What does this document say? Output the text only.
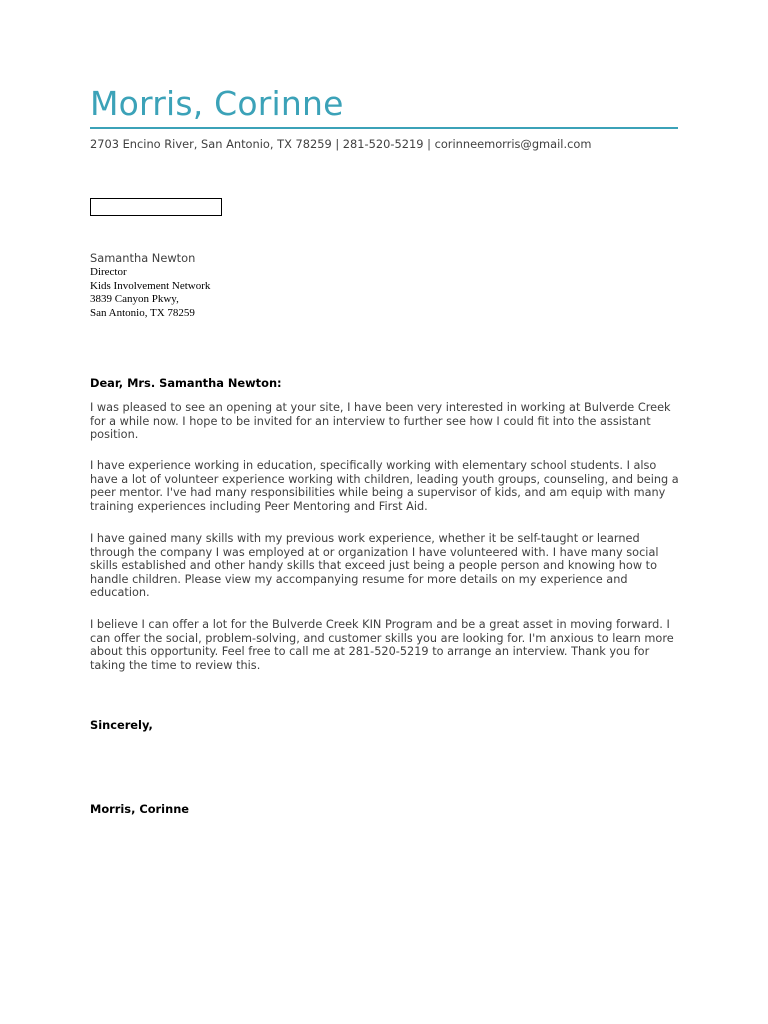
Morris, Corinne
2703 Encino River, San Antonio, TX 78259 | 281-520-5219 | corinneemorris@gmail.com
Samantha Newton
Director
Kids Involvement Network
3839 Canyon Pkwy,
San Antonio, TX 78259
Dear, Mrs. Samantha Newton:

I was pleased to see an opening at your site, I have been very interested in working at Bulverde Creek for a while now. I hope to be invited for an interview to further see how I could fit into the assistant position.

I have experience working in education, specifically working with elementary school students. I also have a lot of volunteer experience working with children, leading youth groups, counseling, and being a peer mentor. I've had many responsibilities while being a supervisor of kids, and am equip with many training experiences including Peer Mentoring and First Aid.

I have gained many skills with my previous work experience, whether it be self-taught or learned through the company I was employed at or organization I have volunteered with. I have many social skills established and other handy skills that exceed just being a people person and knowing how to handle children. Please view my accompanying resume for more details on my experience and education.

I believe I can offer a lot for the Bulverde Creek KIN Program and be a great asset in moving forward. I can offer the social, problem-solving, and customer skills you are looking for. I'm anxious to learn more about this opportunity. Feel free to call me at 281-520-5219 to arrange an interview. Thank you for taking the time to review this.

Sincerely,
Morris, Corinne
